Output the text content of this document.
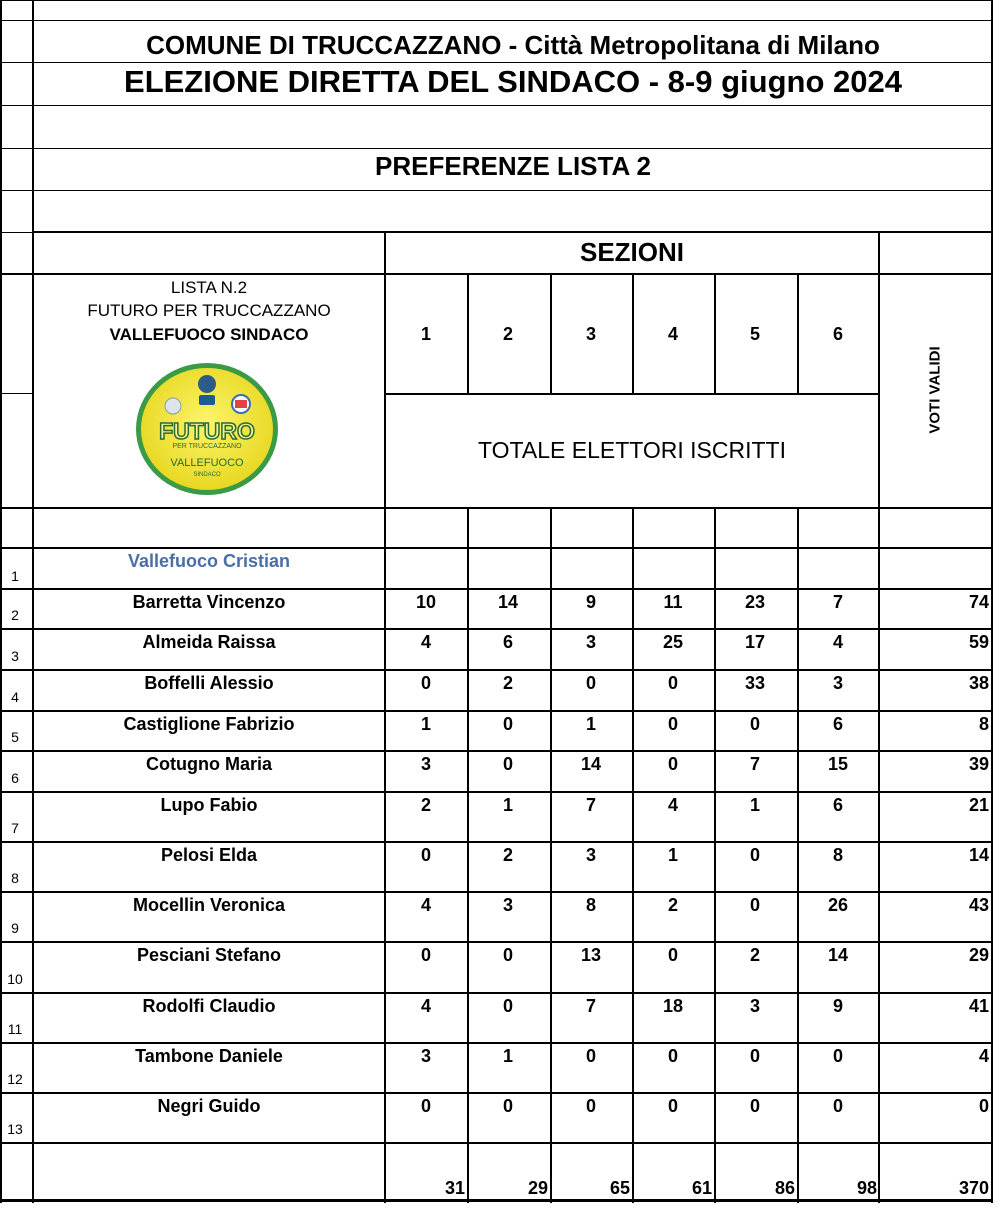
COMUNE DI TRUCCAZZANO - Città Metropolitana di Milano
ELEZIONE DIRETTA DEL SINDACO - 8-9 giugno 2024
PREFERENZE LISTA 2
SEZIONI
LISTA N.2
FUTURO PER TRUCCAZZANO
VALLEFUOCO SINDACO
FUTURO
PER TRUCCAZZANO
VALLEFUOCO
SINDACO
TOTALE ELETTORI ISCRITTI
VOTI VALIDI
1
Vallefuoco Cristian
2
Barretta Vincenzo	10	14	9	11	23	7	74
3
Almeida Raissa	4	6	3	25	17	4	59
4
Boffelli Alessio	0	2	0	0	33	3	38
5
Castiglione Fabrizio	1	0	1	0	0	6	8
6
Cotugno Maria	3	0	14	0	7	15	39
7
Lupo Fabio	2	1	7	4	1	6	21
8
Pelosi Elda	0	2	3	1	0	8	14
9
Mocellin Veronica	4	3	8	2	0	26	43
10
Pesciani Stefano	0	0	13	0	2	14	29
11
Rodolfi Claudio	4	0	7	18	3	9	41
12
Tambone Daniele	3	1	0	0	0	0	4
13
Negri Guido	0	0	0	0	0	0	0
31	29	65	61	86	98	370
1	2	3	4	5	6
